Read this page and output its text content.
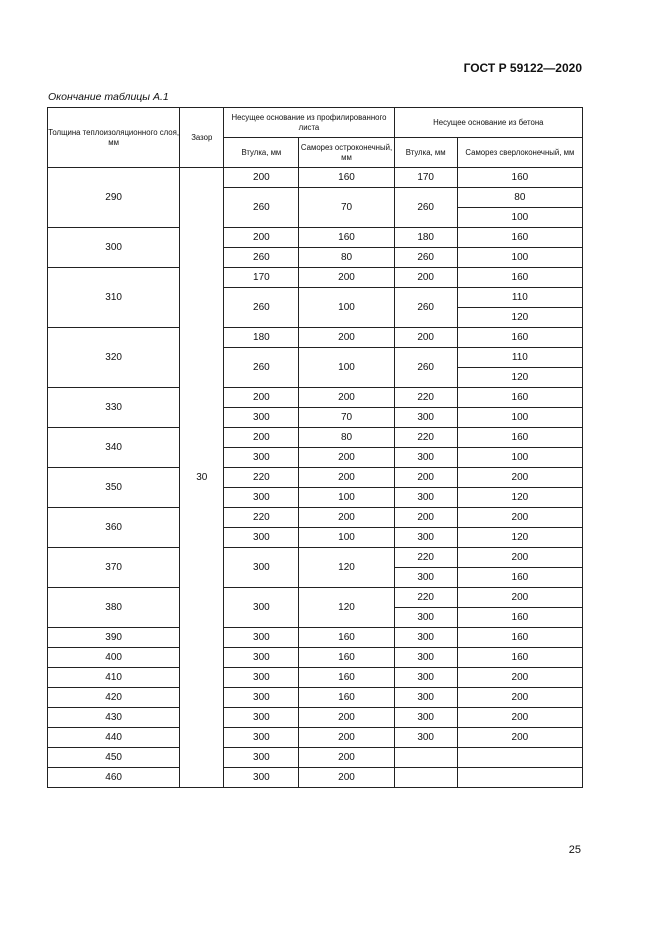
ГОСТ Р 59122—2020
Окончание таблицы А.1
Толщина теплоизоляционного слоя, мм	Зазор	Несущее основание из профилированного листа		Несущее основание из бетона	
		Втулка, мм	Саморез остроконечный, мм	Втулка, мм	Саморез сверлоконечный, мм
290	30	200	160	170	160
		260	70	260	80
					100
300		200	160	180	160
		260	80	260	100
310		170	200	200	160
		260	100	260	110
					120
320		180	200	200	160
		260	100	260	110
					120
330		200	200	220	160
		300	70	300	100
340		200	80	220	160
		300	200	300	100
350		220	200	200	200
		300	100	300	120
360		220	200	200	200
		300	100	300	120
370		300	120	220	200
				300	160
380		300	120	220	200
				300	160
390		300	160	300	160
400		300	160	300	160
410		300	160	300	200
420		300	160	300	200
430		300	200	300	200
440		300	200	300	200
450		300	200		
460		300	200		
25
